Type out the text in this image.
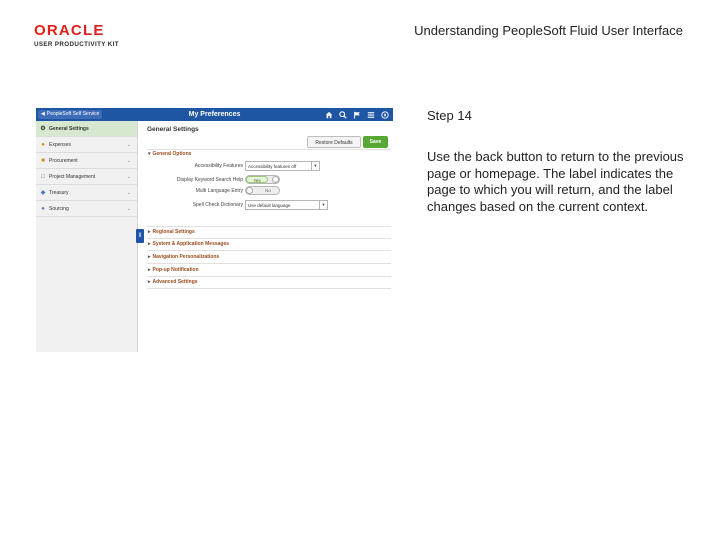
ORACLE
USER PRODUCTIVITY KIT
Understanding PeopleSoft Fluid User Interface
◀ PeopleSoft Self Service	My Preferences
⚙ General Settings
● Expenses	⌄
■ Procurement	⌄
□ Project Management	⌄
◆ Treasury	⌄
● Sourcing	⌄
‖
General Settings
Restore Defaults	Save
▾ General Options
Accessibility Features	Accessibility features off	▼
Display Keyword Search Help	Yes
Multi Language Entry	No
Spell Check Dictionary	Use default language	▼
▸ Regional Settings
▸ System & Application Messages
▸ Navigation Personalizations
▸ Pop-up Notification
▸ Advanced Settings
Step 14
Use the back button to return to the previous page or homepage. The label indicates the page to which you will return, and the label changes based on the current context.
